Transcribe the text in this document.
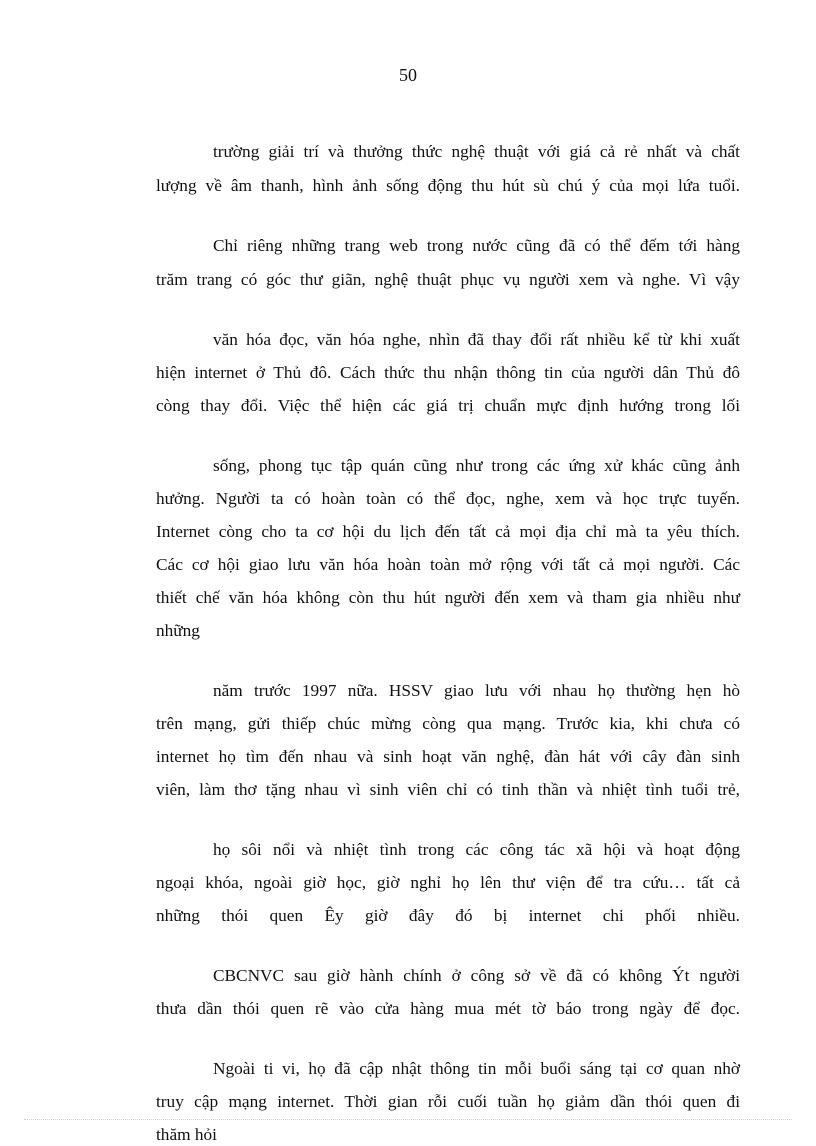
50
trường giải trí và thưởng thức nghệ thuật với giá cả rẻ nhất và chất
lượng về âm thanh, hình ảnh sống động thu hút sù chú ý của mọi lứa tuổi.
Chỉ riêng những trang web trong nước cũng đã có thể đếm tới hàng
trăm trang có góc thư giãn, nghệ thuật phục vụ người xem và nghe. Vì vậy
văn hóa đọc, văn hóa nghe, nhìn đã thay đổi rất nhiều kể từ khi xuất
hiện internet ở Thủ đô. Cách thức thu nhận thông tin của người dân Thủ đô
còng thay đổi. Việc thể hiện các giá trị chuẩn mực định hướng trong lối
sống, phong tục tập quán cũng như trong các ứng xử khác cũng ảnh
hưởng. Người ta có hoàn toàn có thể đọc, nghe, xem và học trực tuyến.
Internet còng cho ta cơ hội du lịch đến tất cả mọi địa chỉ mà ta yêu thích.
Các cơ hội giao lưu văn hóa hoàn toàn mở rộng với tất cả mọi người. Các
thiết chế văn hóa không còn thu hút người đến xem và tham gia nhiều như
những
năm trước 1997 nữa. HSSV giao lưu với nhau họ thường hẹn hò
trên mạng, gửi thiếp chúc mừng còng qua mạng. Trước kia, khi chưa có
internet họ tìm đến nhau và sinh hoạt văn nghệ, đàn hát với cây đàn sinh
viên, làm thơ tặng nhau vì sinh viên chỉ có tinh thần và nhiệt tình tuổi trẻ,
họ sôi nổi và nhiệt tình trong các công tác xã hội và hoạt động
ngoại khóa, ngoài giờ học, giờ nghỉ họ lên thư viện để tra cứu… tất cả
những thói quen Êy giờ đây đó bị internet chi phối nhiều.
CBCNVC sau giờ hành chính ở công sở về đã có không Ýt người
thưa dần thói quen rẽ vào cửa hàng mua mét tờ báo trong ngày để đọc.
Ngoài ti vi, họ đã cập nhật thông tin mỗi buổi sáng tại cơ quan nhờ
truy cập mạng internet. Thời gian rỗi cuối tuần họ giảm dần thói quen đi
thăm hỏi
